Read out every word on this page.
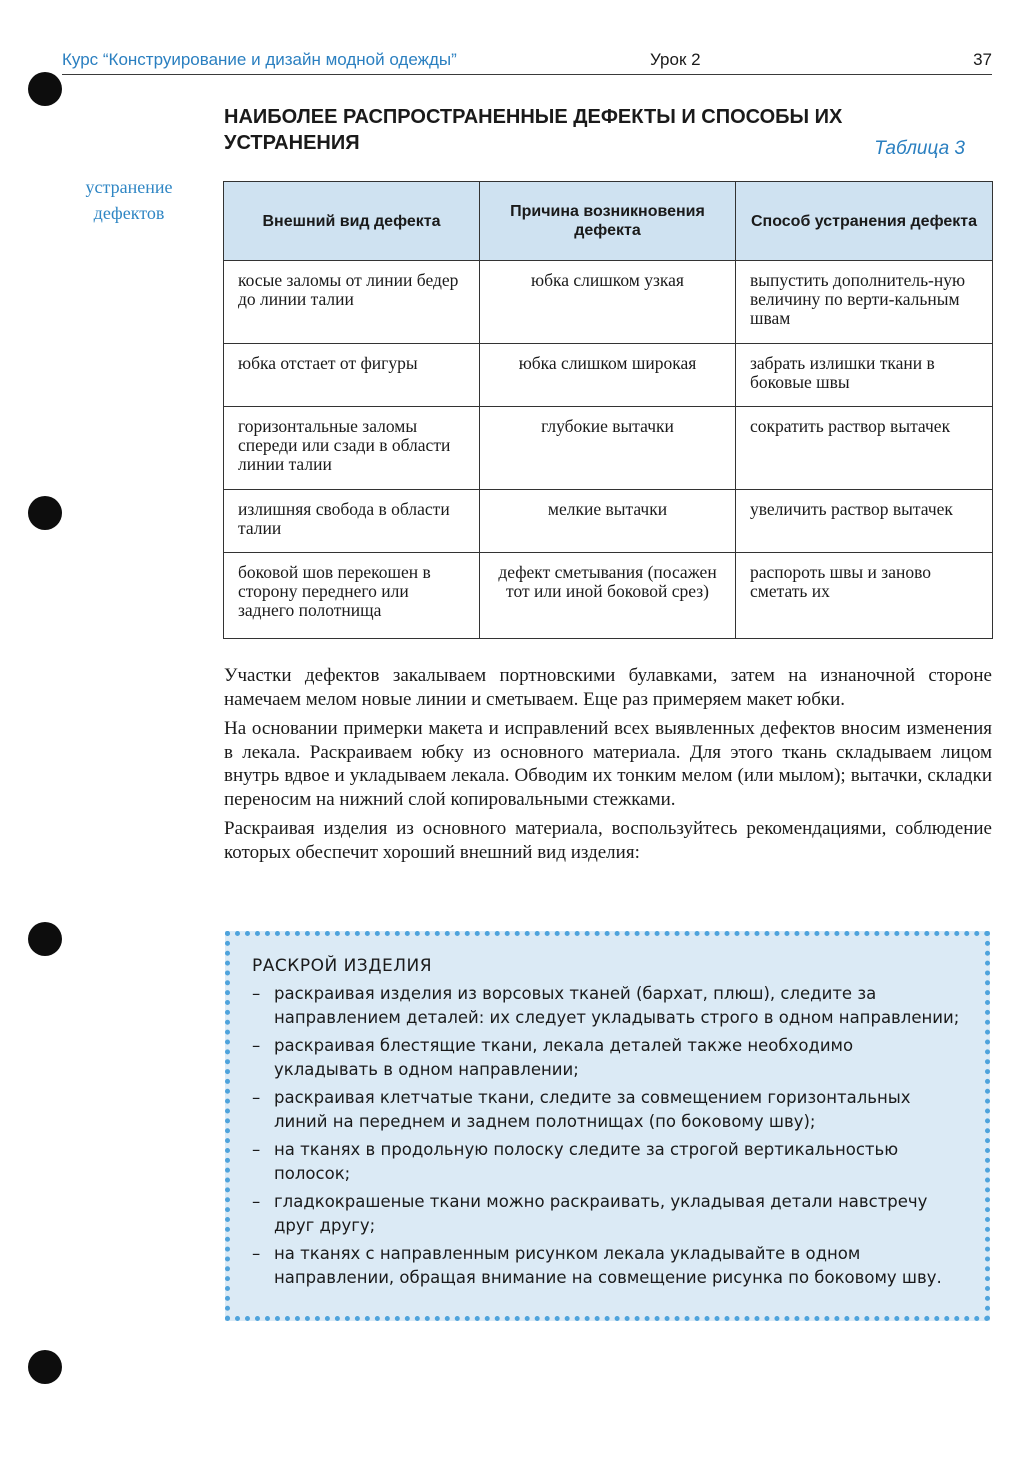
Курс “Конструирование и дизайн модной одежды”	Урок 2	37
устранение
дефектов
НАИБОЛЕЕ РАСПРОСТРАНЕННЫЕ ДЕФЕКТЫ И СПОСОБЫ ИХ УСТРАНЕНИЯ	Таблица 3
Внешний вид дефекта	Причина возникновения дефекта	Способ устранения дефекта
косые заломы от линии бедер до линии талии	юбка слишком узкая	выпустить дополнитель-ную величину по верти-кальным швам
юбка отстает от фигуры	юбка слишком широкая	забрать излишки ткани в боковые швы
горизонтальные заломы спереди или сзади в области линии талии	глубокие вытачки	сократить раствор вытачек
излишняя свобода в области талии	мелкие вытачки	увеличить раствор вытачек
боковой шов перекошен в сторону переднего или заднего полотнища	дефект сметывания (посажен тот или иной боковой срез)	распороть швы и заново сметать их

Участки дефектов закалываем портновскими булавками, затем на изнаночной стороне намечаем мелом новые линии и сметываем. Еще раз примеряем макет юбки.

На основании примерки макета и исправлений всех выявленных дефектов вносим изменения в лекала. Раскраиваем юбку из основного материала. Для этого ткань складываем лицом внутрь вдвое и укладываем лекала. Обводим их тонким мелом (или мылом); вытачки, складки переносим на нижний слой копировальными стежками.

Раскраивая изделия из основного материала, воспользуйтесь рекомендациями, соблюдение которых обеспечит хороший внешний вид изделия:

РАСКРОЙ ИЗДЕЛИЯ
– раскраивая изделия из ворсовых тканей (бархат, плюш), следите за направлением деталей: их следует укладывать строго в одном направлении;
– раскраивая блестящие ткани, лекала деталей также необходимо укладывать в одном направлении;
– раскраивая клетчатые ткани, следите за совмещением горизонтальных линий на переднем и заднем полотнищах (по боковому шву);
– на тканях в продольную полоску следите за строгой вертикальностью полосок;
– гладкокрашеные ткани можно раскраивать, укладывая детали навстречу друг другу;
– на тканях с направленным рисунком лекала укладывайте в одном направлении, обращая внимание на совмещение рисунка по боковому шву.
